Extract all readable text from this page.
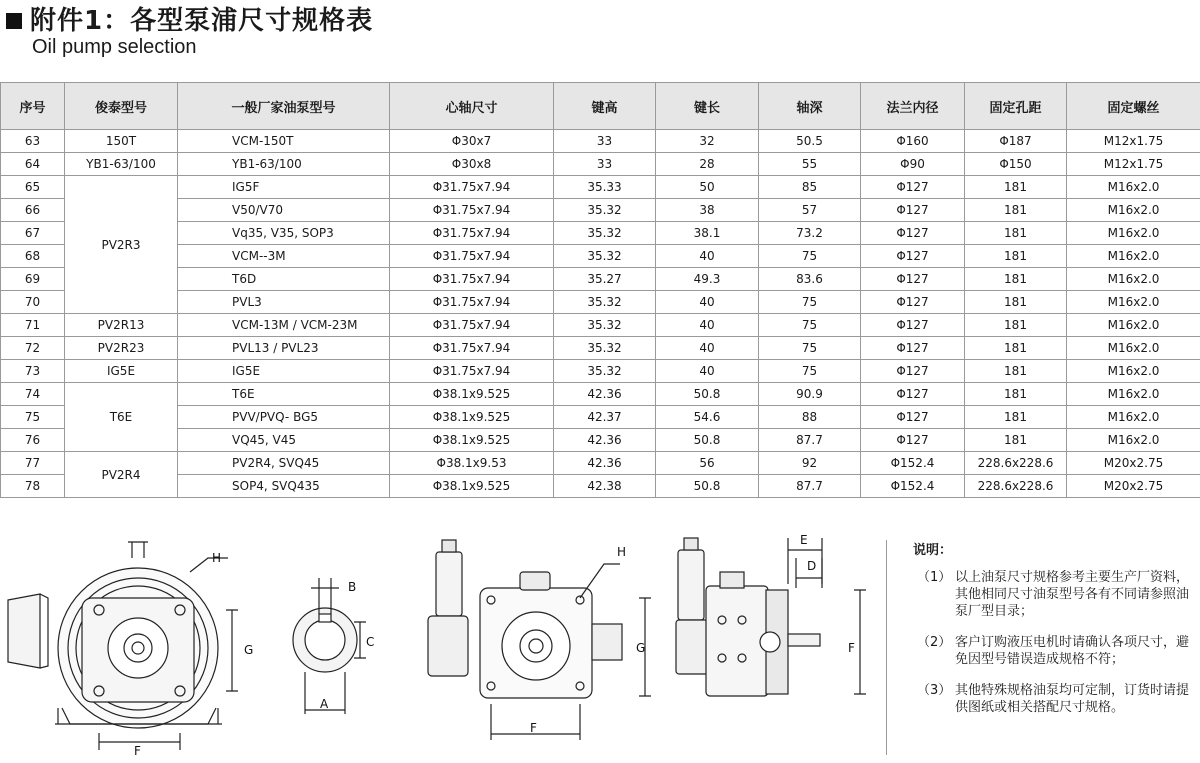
附件1：各型泵浦尺寸规格表
Oil pump selection
序号	俊泰型号	一般厂家油泵型号	心轴尺寸	键高	键长	轴深	法兰内径	固定孔距	固定螺丝
63	150T	VCM-150T	Φ30x7	33	32	50.5	Φ160	Φ187	M12x1.75
64	YB1-63/100	YB1-63/100	Φ30x8	33	28	55	Φ90	Φ150	M12x1.75
65	PV2R3	IG5F	Φ31.75x7.94	35.33	50	85	Φ127	181	M16x2.0
66		V50/V70	Φ31.75x7.94	35.32	38	57	Φ127	181	M16x2.0
67		Vq35, V35, SOP3	Φ31.75x7.94	35.32	38.1	73.2	Φ127	181	M16x2.0
68		VCM--3M	Φ31.75x7.94	35.32	40	75	Φ127	181	M16x2.0
69		T6D	Φ31.75x7.94	35.27	49.3	83.6	Φ127	181	M16x2.0
70		PVL3	Φ31.75x7.94	35.32	40	75	Φ127	181	M16x2.0
71	PV2R13	VCM-13M / VCM-23M	Φ31.75x7.94	35.32	40	75	Φ127	181	M16x2.0
72	PV2R23	PVL13 / PVL23	Φ31.75x7.94	35.32	40	75	Φ127	181	M16x2.0
73	IG5E	IG5E	Φ31.75x7.94	35.32	40	75	Φ127	181	M16x2.0
74	T6E	T6E	Φ38.1x9.525	42.36	50.8	90.9	Φ127	181	M16x2.0
75		PVV/PVQ- BG5	Φ38.1x9.525	42.37	54.6	88	Φ127	181	M16x2.0
76		VQ45, V45	Φ38.1x9.525	42.36	50.8	87.7	Φ127	181	M16x2.0
77	PV2R4	PV2R4, SVQ45	Φ38.1x9.53	42.36	56	92	Φ152.4	228.6x228.6	M20x2.75
78		SOP4, SVQ435	Φ38.1x9.525	42.38	50.8	87.7	Φ152.4	228.6x228.6	M20x2.75
H
G
F
B
C
A
H
G
F
E
D
F
说明：
（1） 以上油泵尺寸规格参考主要生产厂资料，其他相同尺寸油泵型号各有不同请参照油泵厂型目录；
（2） 客户订购液压电机时请确认各项尺寸，避免因型号错误造成规格不符；
（3） 其他特殊规格油泵均可定制，订货时请提供图纸或相关搭配尺寸规格。
